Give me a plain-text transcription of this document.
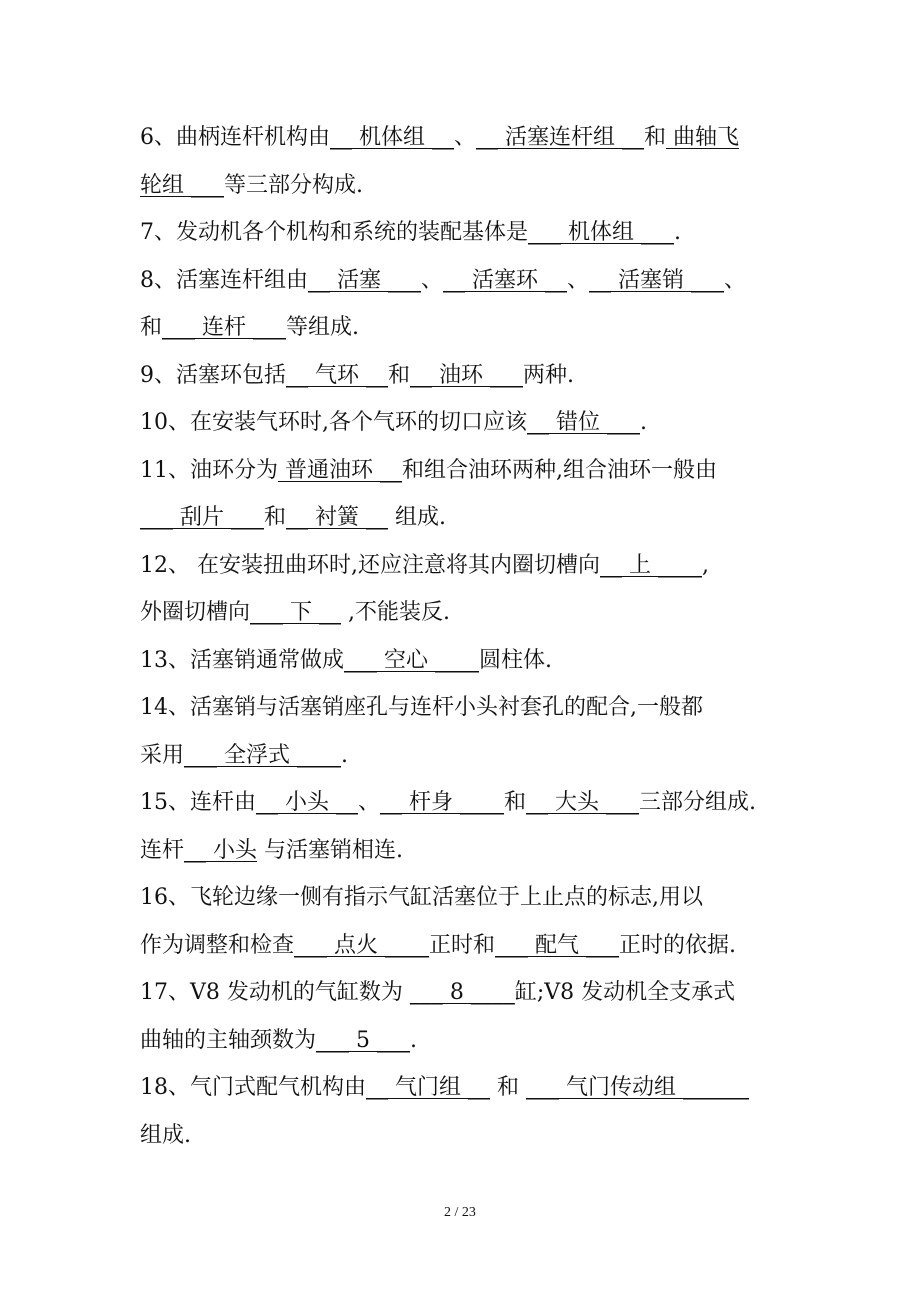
6、曲柄连杆机构由__ 机体组 __、__ 活塞连杆组 __和 曲轴飞
轮组 ___等三部分构成.
7、发动机各个机构和系统的装配基体是___ 机体组 ___.
8、活塞连杆组由__ 活塞 ___、__ 活塞环 __、__ 活塞销 ___、
和___ 连杆 ___等组成.
9、活塞环包括__ 气环 __和__ 油环 ___两种.
10、在安装气环时,各个气环的切口应该__ 错位 ___.
11、油环分为 普通油环 __和组合油环两种,组合油环一般由
___ 刮片 ___和__ 衬簧 __ 组成.
12、 在安装扭曲环时,还应注意将其内圈切槽向__ 上 ____,
外圈切槽向___ 下 __ ,不能装反.
13、活塞销通常做成___ 空心 ____圆柱体.
14、活塞销与活塞销座孔与连杆小头衬套孔的配合,一般都
采用___ 全浮式 ____.
15、连杆由__ 小头 __、__ 杆身 ____和__ 大头 ___三部分组成.
连杆__ 小头 与活塞销相连.
16、飞轮边缘一侧有指示气缸活塞位于上止点的标志,用以
作为调整和检查___ 点火 ____正时和___ 配气 ___正时的依据.
17、V8 发动机的气缸数为 ___ 8 ____缸;V8 发动机全支承式
曲轴的主轴颈数为___ 5 ___.
18、气门式配气机构由__ 气门组 __ 和 ___ 气门传动组 ______
组成.
2 / 23
